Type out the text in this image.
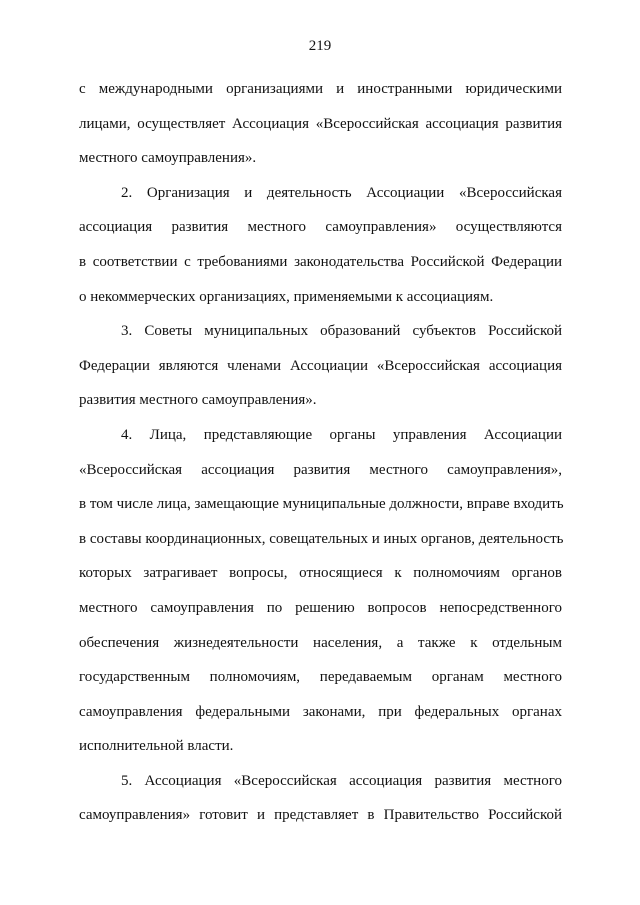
219
с международными организациями и иностранными юридическими
лицами, осуществляет Ассоциация «Всероссийская ассоциация развития
местного самоуправления».
2. Организация и деятельность Ассоциации «Всероссийская
ассоциация развития местного самоуправления» осуществляются
в соответствии с требованиями законодательства Российской Федерации
о некоммерческих организациях, применяемыми к ассоциациям.
3. Советы муниципальных образований субъектов Российской
Федерации являются членами Ассоциации «Всероссийская ассоциация
развития местного самоуправления».
4. Лица, представляющие органы управления Ассоциации
«Всероссийская ассоциация развития местного самоуправления»,
в том числе лица, замещающие муниципальные должности, вправе входить
в составы координационных, совещательных и иных органов, деятельность
которых затрагивает вопросы, относящиеся к полномочиям органов
местного самоуправления по решению вопросов непосредственного
обеспечения жизнедеятельности населения, а также к отдельным
государственным полномочиям, передаваемым органам местного
самоуправления федеральными законами, при федеральных органах
исполнительной власти.
5. Ассоциация «Всероссийская ассоциация развития местного
самоуправления» готовит и представляет в Правительство Российской
